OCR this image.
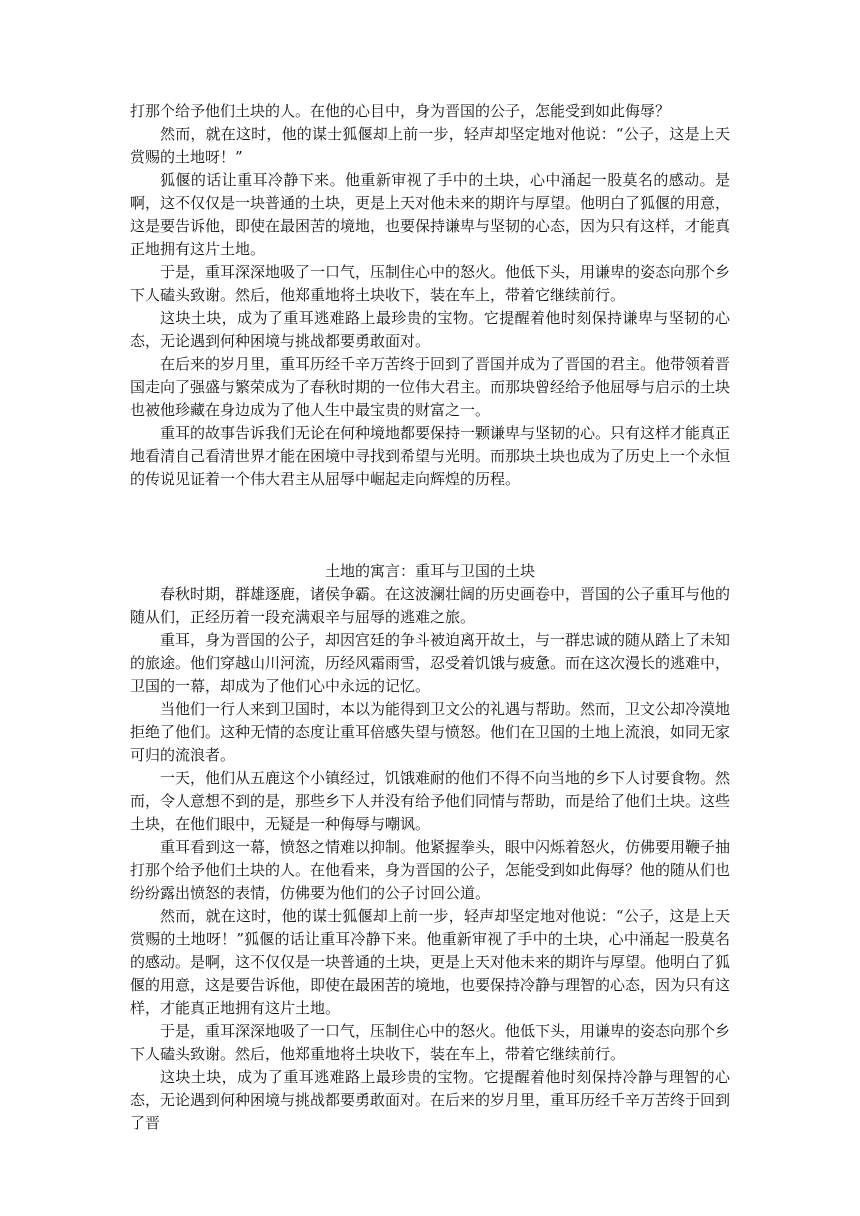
打那个给予他们土块的人。在他的心目中，身为晋国的公子，怎能受到如此侮辱？

然而，就在这时，他的谋士狐偃却上前一步，轻声却坚定地对他说：“公子，这是上天赏赐的土地呀！”

狐偃的话让重耳冷静下来。他重新审视了手中的土块，心中涌起一股莫名的感动。是啊，这不仅仅是一块普通的土块，更是上天对他未来的期许与厚望。他明白了狐偃的用意，这是要告诉他，即使在最困苦的境地，也要保持谦卑与坚韧的心态，因为只有这样，才能真正地拥有这片土地。

于是，重耳深深地吸了一口气，压制住心中的怒火。他低下头，用谦卑的姿态向那个乡下人磕头致谢。然后，他郑重地将土块收下，装在车上，带着它继续前行。

这块土块，成为了重耳逃难路上最珍贵的宝物。它提醒着他时刻保持谦卑与坚韧的心态，无论遇到何种困境与挑战都要勇敢面对。

在后来的岁月里，重耳历经千辛万苦终于回到了晋国并成为了晋国的君主。他带领着晋国走向了强盛与繁荣成为了春秋时期的一位伟大君主。而那块曾经给予他屈辱与启示的土块也被他珍藏在身边成为了他人生中最宝贵的财富之一。

重耳的故事告诉我们无论在何种境地都要保持一颗谦卑与坚韧的心。只有这样才能真正地看清自己看清世界才能在困境中寻找到希望与光明。而那块土块也成为了历史上一个永恒的传说见证着一个伟大君主从屈辱中崛起走向辉煌的历程。

土地的寓言：重耳与卫国的土块

春秋时期，群雄逐鹿，诸侯争霸。在这波澜壮阔的历史画卷中，晋国的公子重耳与他的随从们，正经历着一段充满艰辛与屈辱的逃难之旅。

重耳，身为晋国的公子，却因宫廷的争斗被迫离开故土，与一群忠诚的随从踏上了未知的旅途。他们穿越山川河流，历经风霜雨雪，忍受着饥饿与疲惫。而在这次漫长的逃难中，卫国的一幕，却成为了他们心中永远的记忆。

当他们一行人来到卫国时，本以为能得到卫文公的礼遇与帮助。然而，卫文公却冷漠地拒绝了他们。这种无情的态度让重耳倍感失望与愤怒。他们在卫国的土地上流浪，如同无家可归的流浪者。

一天，他们从五鹿这个小镇经过，饥饿难耐的他们不得不向当地的乡下人讨要食物。然而，令人意想不到的是，那些乡下人并没有给予他们同情与帮助，而是给了他们土块。这些土块，在他们眼中，无疑是一种侮辱与嘲讽。

重耳看到这一幕，愤怒之情难以抑制。他紧握拳头，眼中闪烁着怒火，仿佛要用鞭子抽打那个给予他们土块的人。在他看来，身为晋国的公子，怎能受到如此侮辱？他的随从们也纷纷露出愤怒的表情，仿佛要为他们的公子讨回公道。

然而，就在这时，他的谋士狐偃却上前一步，轻声却坚定地对他说：“公子，这是上天赏赐的土地呀！”狐偃的话让重耳冷静下来。他重新审视了手中的土块，心中涌起一股莫名的感动。是啊，这不仅仅是一块普通的土块，更是上天对他未来的期许与厚望。他明白了狐偃的用意，这是要告诉他，即使在最困苦的境地，也要保持冷静与理智的心态，因为只有这样，才能真正地拥有这片土地。

于是，重耳深深地吸了一口气，压制住心中的怒火。他低下头，用谦卑的姿态向那个乡下人磕头致谢。然后，他郑重地将土块收下，装在车上，带着它继续前行。

这块土块，成为了重耳逃难路上最珍贵的宝物。它提醒着他时刻保持冷静与理智的心态，无论遇到何种困境与挑战都要勇敢面对。在后来的岁月里，重耳历经千辛万苦终于回到了晋
